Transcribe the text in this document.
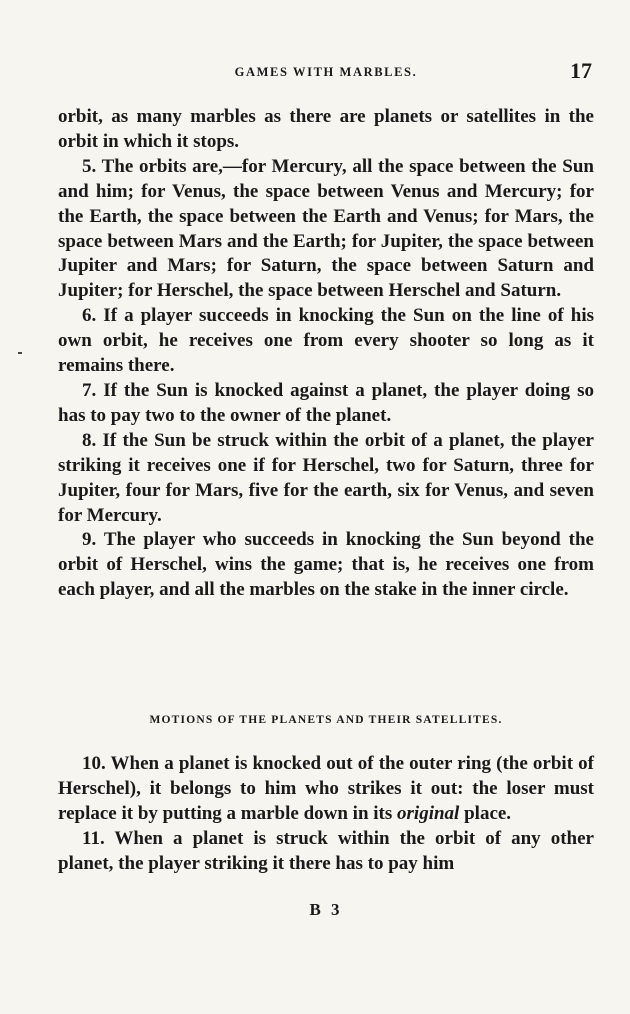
GAMES WITH MARBLES.	17

orbit, as many marbles as there are planets or satellites in the orbit in which it stops.

5. The orbits are,—for Mercury, all the space between the Sun and him; for Venus, the space between Venus and Mercury; for the Earth, the space between the Earth and Venus; for Mars, the space between Mars and the Earth; for Jupiter, the space between Jupiter and Mars; for Saturn, the space between Saturn and Jupiter; for Herschel, the space between Herschel and Saturn.

6. If a player succeeds in knocking the Sun on the line of his own orbit, he receives one from every shooter so long as it remains there.

7. If the Sun is knocked against a planet, the player doing so has to pay two to the owner of the planet.

8. If the Sun be struck within the orbit of a planet, the player striking it receives one if for Herschel, two for Saturn, three for Jupiter, four for Mars, five for the earth, six for Venus, and seven for Mercury.

9. The player who succeeds in knocking the Sun beyond the orbit of Herschel, wins the game; that is, he receives one from each player, and all the marbles on the stake in the inner circle.

MOTIONS OF THE PLANETS AND THEIR SATELLITES.

10. When a planet is knocked out of the outer ring (the orbit of Herschel), it belongs to him who strikes it out: the loser must replace it by putting a marble down in its original place.

11. When a planet is struck within the orbit of any other planet, the player striking it there has to pay him

B 3
